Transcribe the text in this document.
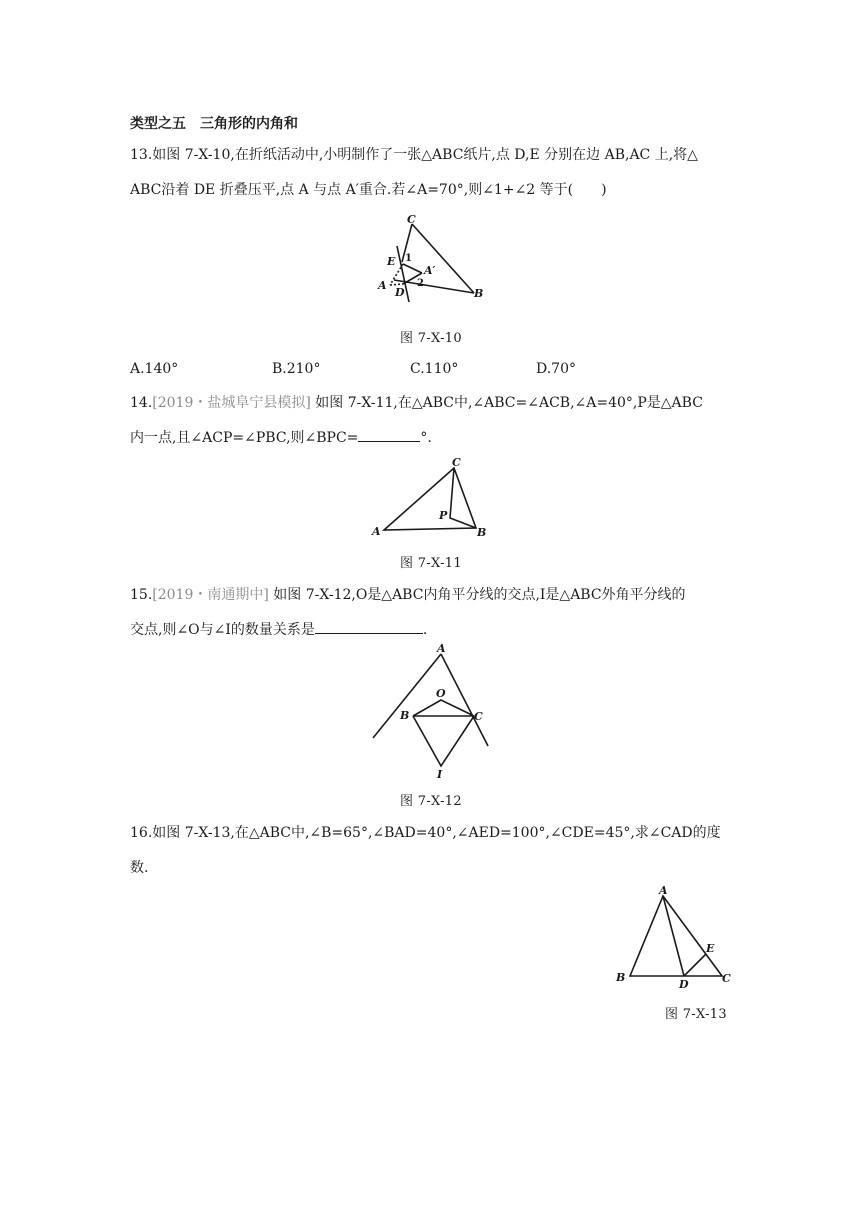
类型之五　三角形的内角和
13.如图 7-X-10,在折纸活动中,小明制作了一张△ABC纸片,点 D,E 分别在边 AB,AC 上,将△
ABC沿着 DE 折叠压平,点 A 与点 A′重合.若∠A=70°,则∠1+∠2 等于(　　)
C
E 1
A′
A
D
2
B
图 7-X-10
A.140°	B.210°	C.110°	D.70°
14.[2019・盐城阜宁县模拟] 如图 7-X-11,在△ABC中,∠ABC=∠ACB,∠A=40°,P是△ABC
内一点,且∠ACP=∠PBC,则∠BPC=	°.
C
P
A	B
图 7-X-11
15.[2019・南通期中] 如图 7-X-12,O是△ABC内角平分线的交点,I是△ABC外角平分线的
交点,则∠O与∠I的数量关系是	.
A
O
B	C
I
图 7-X-12
16.如图 7-X-13,在△ABC中,∠B=65°,∠BAD=40°,∠AED=100°,∠CDE=45°,求∠CAD的度
数.
A
E
B
D	C
图 7-X-13
